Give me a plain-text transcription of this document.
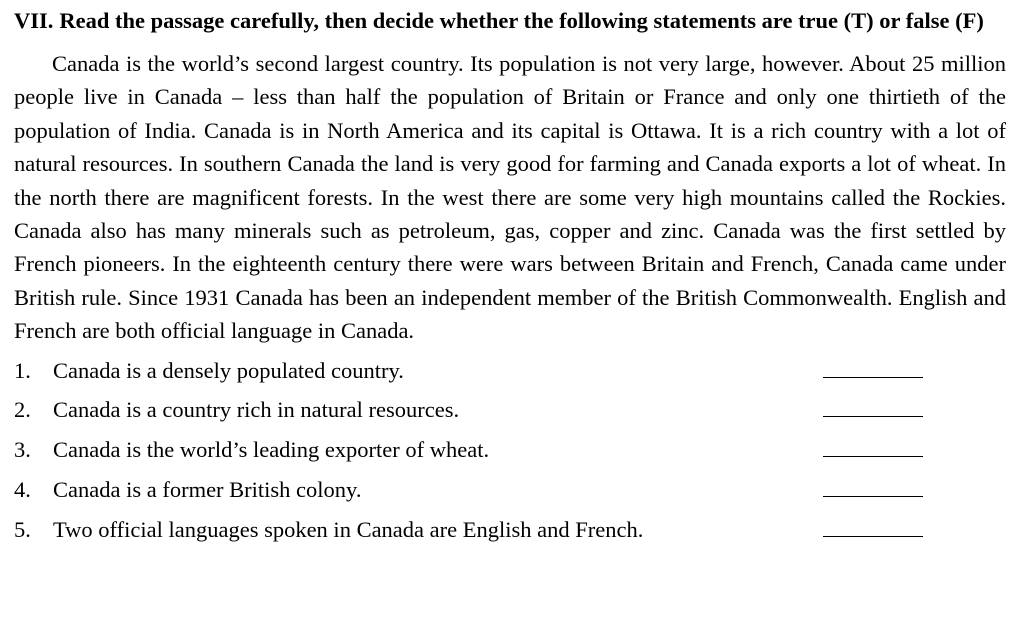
VII. Read the passage carefully, then decide whether the following statements are true (T) or false (F)

Canada is the world’s second largest country. Its population is not very large, however. About 25 million people live in Canada – less than half the population of Britain or France and only one thirtieth of the population of India. Canada is in North America and its capital is Ottawa. It is a rich country with a lot of natural resources. In southern Canada the land is very good for farming and Canada exports a lot of wheat. In the north there are magnificent forests. In the west there are some very high mountains called the Rockies. Canada also has many minerals such as petroleum, gas, copper and zinc. Canada was the first settled by French pioneers. In the eighteenth century there were wars between Britain and French, Canada came under British rule. Since 1931 Canada has been an independent member of the British Commonwealth. English and French are both official language in Canada.

1. Canada is a densely populated country.
2. Canada is a country rich in natural resources.
3. Canada is the world’s leading exporter of wheat.
4. Canada is a former British colony.
5. Two official languages spoken in Canada are English and French.
